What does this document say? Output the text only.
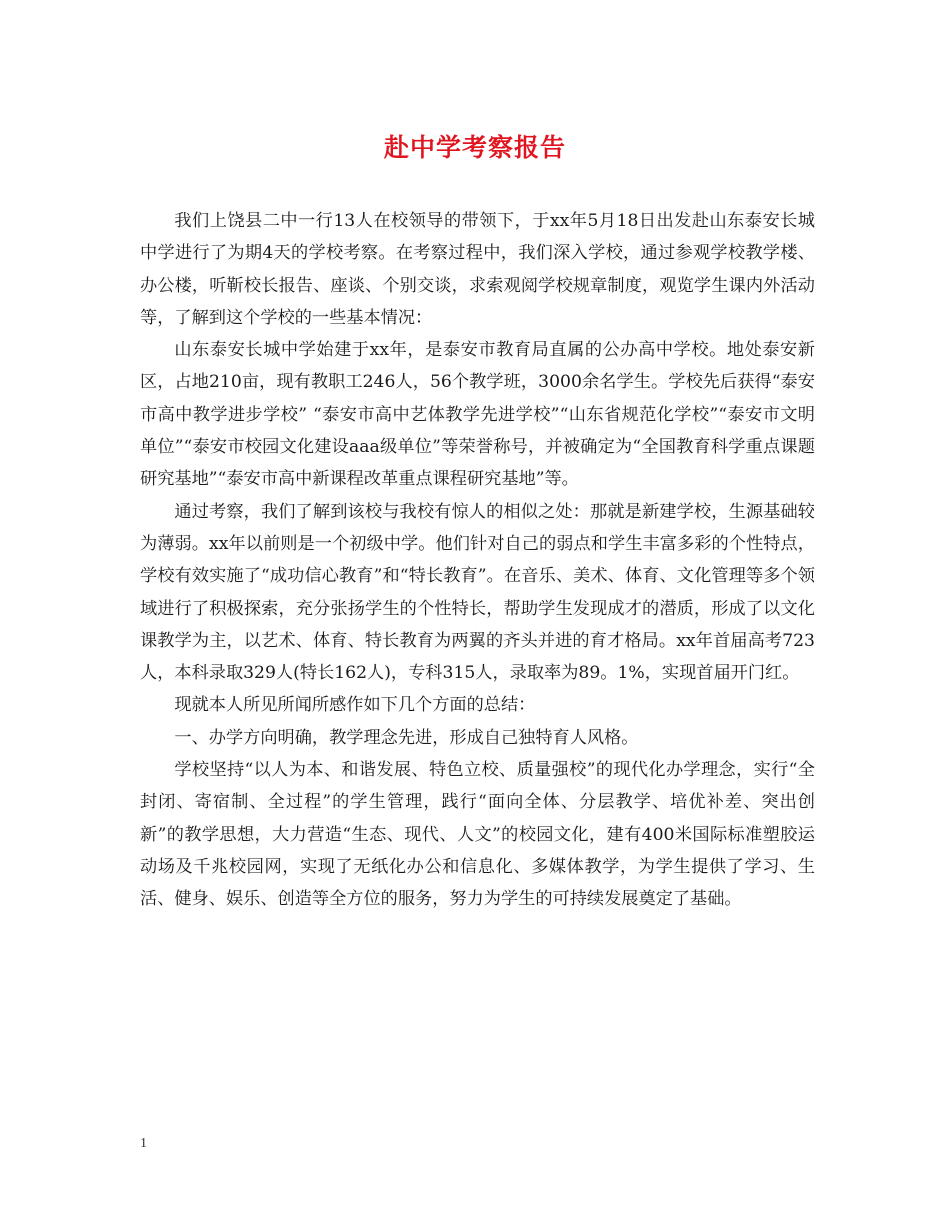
赴中学考察报告

我们上饶县二中一行13人在校领导的带领下，于xx年5月18日出发赴山东泰安长城中学进行了为期4天的学校考察。在考察过程中，我们深入学校，通过参观学校教学楼、办公楼，听靳校长报告、座谈、个别交谈，求索观阅学校规章制度，观览学生课内外活动等，了解到这个学校的一些基本情况：

山东泰安长城中学始建于xx年，是泰安市教育局直属的公办高中学校。地处泰安新区，占地210亩，现有教职工246人，56个教学班，3000余名学生。学校先后获得“泰安市高中教学进步学校” “泰安市高中艺体教学先进学校”“山东省规范化学校”“泰安市文明单位”“泰安市校园文化建设aaa级单位”等荣誉称号，并被确定为“全国教育科学重点课题研究基地”“泰安市高中新课程改革重点课程研究基地”等。

通过考察，我们了解到该校与我校有惊人的相似之处：那就是新建学校，生源基础较为薄弱。xx年以前则是一个初级中学。他们针对自己的弱点和学生丰富多彩的个性特点，学校有效实施了“成功信心教育”和“特长教育”。在音乐、美术、体育、文化管理等多个领域进行了积极探索，充分张扬学生的个性特长，帮助学生发现成才的潜质，形成了以文化课教学为主，以艺术、体育、特长教育为两翼的齐头并进的育才格局。xx年首届高考723人，本科录取329人(特长162人)，专科315人，录取率为89。1%，实现首届开门红。

现就本人所见所闻所感作如下几个方面的总结：

一、办学方向明确，教学理念先进，形成自己独特育人风格。

学校坚持“以人为本、和谐发展、特色立校、质量强校”的现代化办学理念，实行“全封闭、寄宿制、全过程”的学生管理，践行“面向全体、分层教学、培优补差、突出创新”的教学思想，大力营造“生态、现代、人文”的校园文化，建有400米国际标准塑胶运动场及千兆校园网，实现了无纸化办公和信息化、多媒体教学，为学生提供了学习、生活、健身、娱乐、创造等全方位的服务，努力为学生的可持续发展奠定了基础。

1
